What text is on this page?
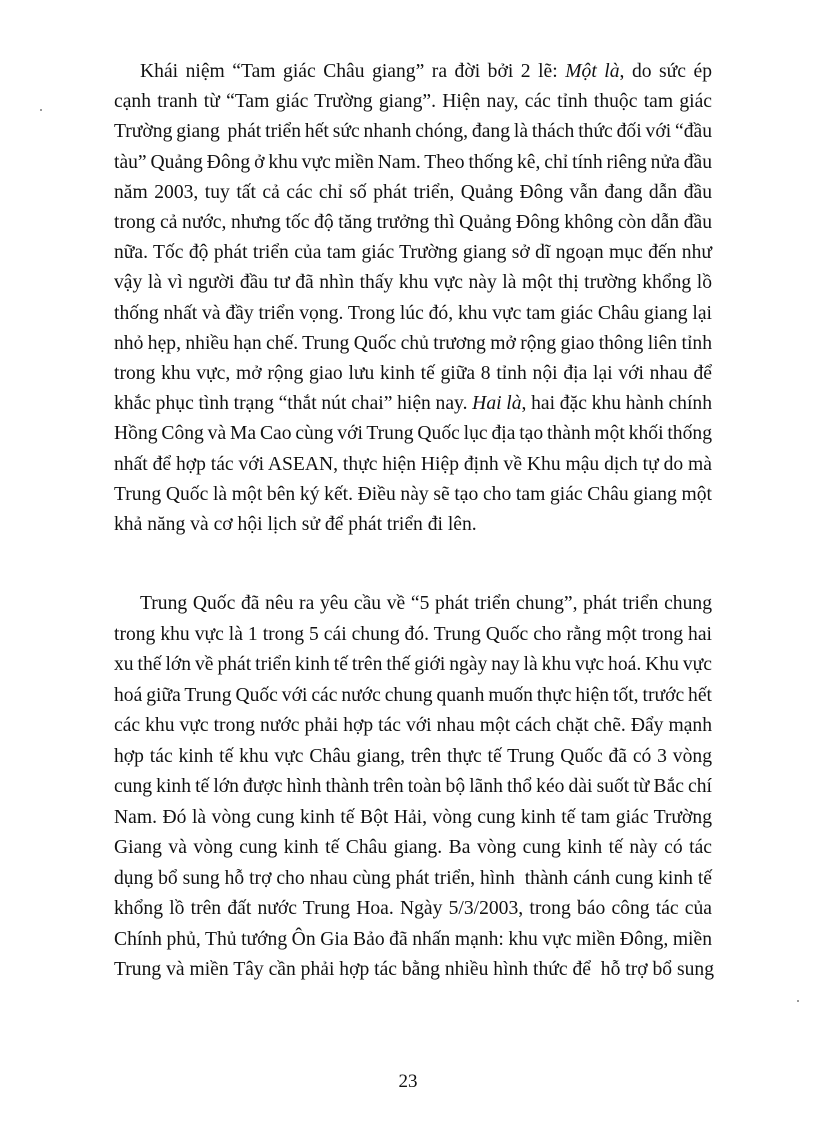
Khái niệm “Tam giác Châu giang” ra đời bởi 2 lẽ: Một là, do sức ép
cạnh tranh từ “Tam giác Trường giang”. Hiện nay, các tỉnh thuộc tam giác
Trường giang  phát triển hết sức nhanh chóng, đang là thách thức đối với “đầu
tàu” Quảng Đông ở khu vực miền Nam. Theo thống kê, chỉ tính riêng nửa đầu
năm 2003, tuy tất cả các chỉ số phát triển, Quảng Đông vẫn đang dẫn đầu
trong cả nước, nhưng tốc độ tăng trưởng thì Quảng Đông không còn dẫn đầu
nữa. Tốc độ phát triển của tam giác Trường giang sở dĩ ngoạn mục đến như
vậy là vì người đầu tư đã nhìn thấy khu vực này là một thị trường khổng lồ
thống nhất và đầy triển vọng. Trong lúc đó, khu vực tam giác Châu giang lại
nhỏ hẹp, nhiều hạn chế. Trung Quốc chủ trương mở rộng giao thông liên tỉnh
trong khu vực, mở rộng giao lưu kinh tế giữa 8 tỉnh nội địa lại với nhau để
khắc phục tình trạng “thắt nút chai” hiện nay. Hai là, hai đặc khu hành chính
Hồng Công và Ma Cao cùng với Trung Quốc lục địa tạo thành một khối thống
nhất để hợp tác với ASEAN, thực hiện Hiệp định về Khu mậu dịch tự do mà
Trung Quốc là một bên ký kết. Điều này sẽ tạo cho tam giác Châu giang một
khả năng và cơ hội lịch sử để phát triển đi lên.
Trung Quốc đã nêu ra yêu cầu về “5 phát triển chung”, phát triển chung
trong khu vực là 1 trong 5 cái chung đó. Trung Quốc cho rằng một trong hai
xu thế lớn về phát triển kinh tế trên thế giới ngày nay là khu vực hoá. Khu vực
hoá giữa Trung Quốc với các nước chung quanh muốn thực hiện tốt, trước hết
các khu vực trong nước phải hợp tác với nhau một cách chặt chẽ. Đẩy mạnh
hợp tác kinh tế khu vực Châu giang, trên thực tế Trung Quốc đã có 3 vòng
cung kinh tế lớn được hình thành trên toàn bộ lãnh thổ kéo dài suốt từ Bắc chí
Nam. Đó là vòng cung kinh tế Bột Hải, vòng cung kinh tế tam giác Trường
Giang và vòng cung kinh tế Châu giang. Ba vòng cung kinh tế này có tác
dụng bổ sung hỗ trợ cho nhau cùng phát triển, hình  thành cánh cung kinh tế
khổng lồ trên đất nước Trung Hoa. Ngày 5/3/2003, trong báo công tác của
Chính phủ, Thủ tướng Ôn Gia Bảo đã nhấn mạnh: khu vực miền Đông, miền
Trung và miền Tây cần phải hợp tác bằng nhiều hình thức để  hỗ trợ bổ sung
23
